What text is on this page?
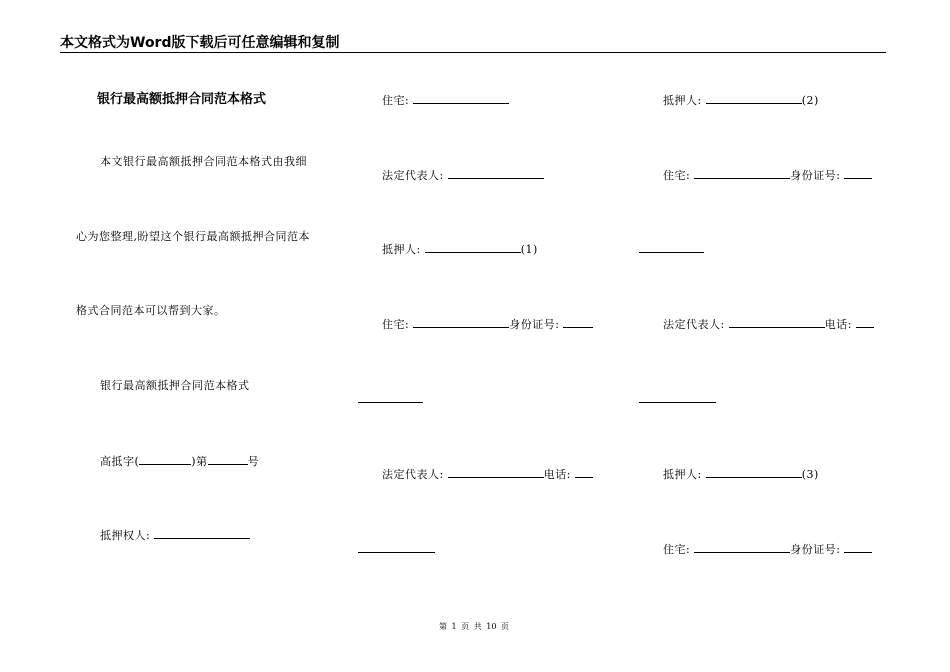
本文格式为Word版下载后可任意编辑和复制
银行最高额抵押合同范本格式
本文银行最高额抵押合同范本格式由我细
心为您整理,盼望这个银行最高额抵押合同范本
格式合同范本可以帮到大家。
银行最高额抵押合同范本格式
高抵字(	)第	号
抵押权人:
住宅:
法定代表人:
抵押人:	(1)
住宅:	身份证号:
法定代表人:	电话:
抵押人:	(2)
住宅:	身份证号:
法定代表人:	电话:
抵押人:	(3)
住宅:	身份证号:
第 1 页 共 10 页
